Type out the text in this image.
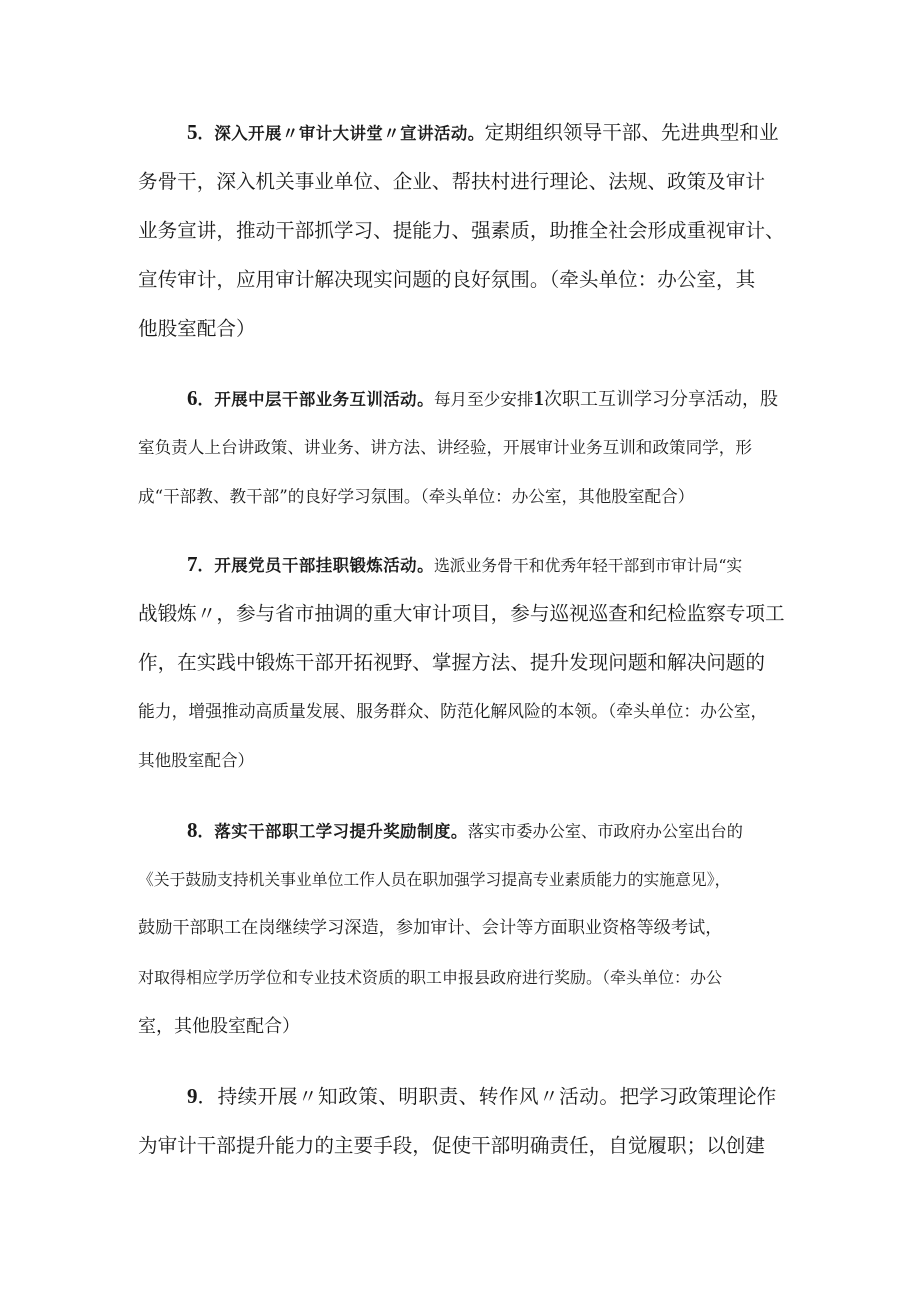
5．深入开展〃审计大讲堂〃宣讲活动。定期组织领导干部、先进典型和业
务骨干，深入机关事业单位、企业、帮扶村进行理论、法规、政策及审计
业务宣讲，推动干部抓学习、提能力、强素质，助推全社会形成重视审计、
宣传审计，应用审计解决现实问题的良好氛围。（牵头单位：办公室，其
他股室配合）
6．开展中层干部业务互训活动。每月至少安排1次职工互训学习分享活动，股
室负责人上台讲政策、讲业务、讲方法、讲经验，开展审计业务互训和政策同学，形
成“干部教、教干部”的良好学习氛围。（牵头单位：办公室，其他股室配合）
7．开展党员干部挂职锻炼活动。选派业务骨干和优秀年轻干部到市审计局“实
战锻炼〃，参与省市抽调的重大审计项目，参与巡视巡查和纪检监察专项工
作，在实践中锻炼干部开拓视野、掌握方法、提升发现问题和解决问题的
能力，增强推动高质量发展、服务群众、防范化解风险的本领。（牵头单位：办公室，
其他股室配合）
8．落实干部职工学习提升奖励制度。落实市委办公室、市政府办公室出台的
《关于鼓励支持机关事业单位工作人员在职加强学习提高专业素质能力的实施意见》，
鼓励干部职工在岗继续学习深造，参加审计、会计等方面职业资格等级考试，
对取得相应学历学位和专业技术资质的职工申报县政府进行奖励。（牵头单位：办公
室，其他股室配合）
9．持续开展〃知政策、明职责、转作风〃活动。把学习政策理论作
为审计干部提升能力的主要手段，促使干部明确责任，自觉履职；以创建
